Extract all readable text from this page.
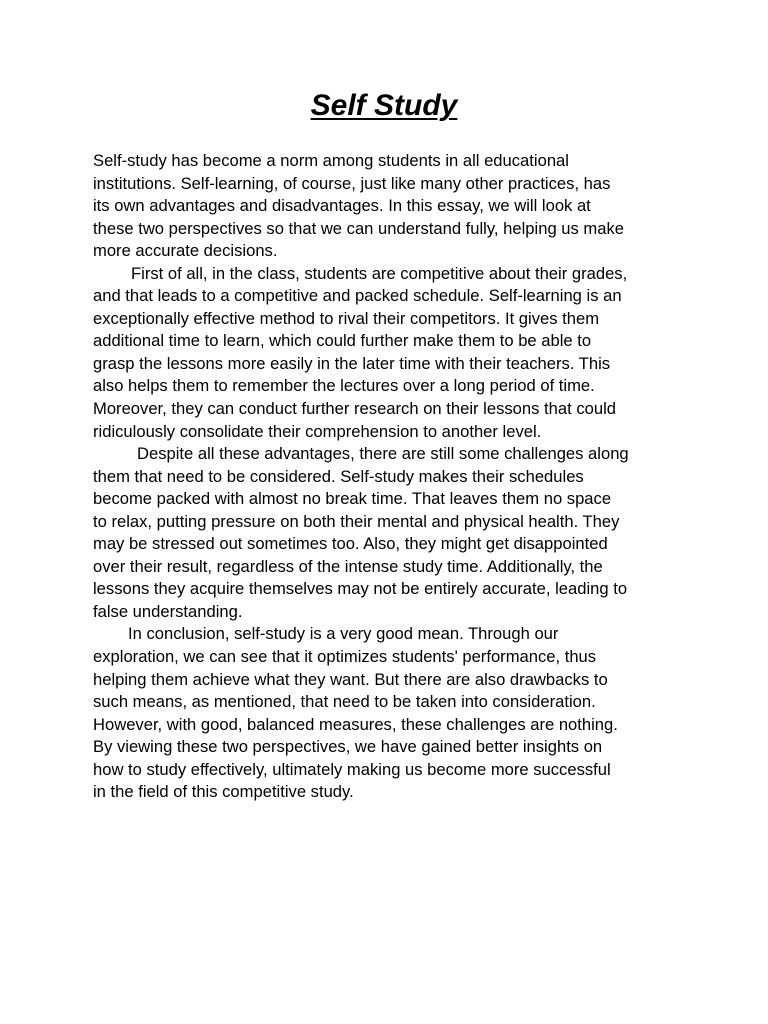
Self Study

Self-study has become a norm among students in all educational
institutions. Self-learning, of course, just like many other practices, has
its own advantages and disadvantages. In this essay, we will look at
these two perspectives so that we can understand fully, helping us make
more accurate decisions.

First of all, in the class, students are competitive about their grades,
and that leads to a competitive and packed schedule. Self-learning is an
exceptionally effective method to rival their competitors. It gives them
additional time to learn, which could further make them to be able to
grasp the lessons more easily in the later time with their teachers. This
also helps them to remember the lectures over a long period of time.
Moreover, they can conduct further research on their lessons that could
ridiculously consolidate their comprehension to another level.

Despite all these advantages, there are still some challenges along
them that need to be considered. Self-study makes their schedules
become packed with almost no break time. That leaves them no space
to relax, putting pressure on both their mental and physical health. They
may be stressed out sometimes too. Also, they might get disappointed
over their result, regardless of the intense study time. Additionally, the
lessons they acquire themselves may not be entirely accurate, leading to
false understanding.

In conclusion, self-study is a very good mean. Through our
exploration, we can see that it optimizes students' performance, thus
helping them achieve what they want. But there are also drawbacks to
such means, as mentioned, that need to be taken into consideration.
However, with good, balanced measures, these challenges are nothing.
By viewing these two perspectives, we have gained better insights on
how to study effectively, ultimately making us become more successful
in the field of this competitive study.
